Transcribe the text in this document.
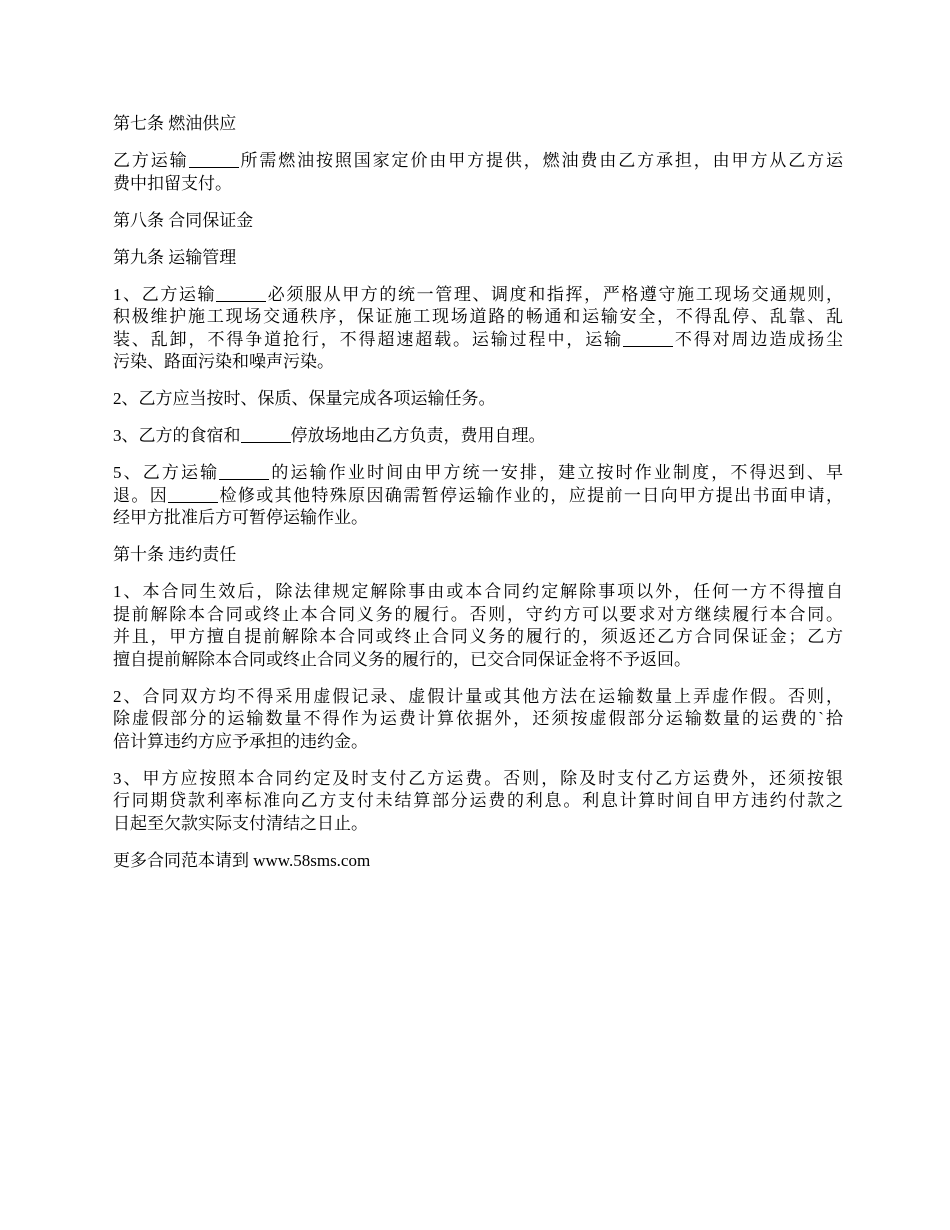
第七条 燃油供应

乙方运输	所需燃油按照国家定价由甲方提供，燃油费由乙方承担，由甲方从乙方运
费中扣留支付。

第八条 合同保证金

第九条 运输管理

1、乙方运输	必须服从甲方的统一管理、调度和指挥，严格遵守施工现场交通规则，
积极维护施工现场交通秩序，保证施工现场道路的畅通和运输安全，不得乱停、乱靠、乱
装、乱卸，不得争道抢行，不得超速超载。运输过程中，运输	不得对周边造成扬尘
污染、路面污染和噪声污染。

2、乙方应当按时、保质、保量完成各项运输任务。

3、乙方的食宿和	停放场地由乙方负责，费用自理。

5、乙方运输	的运输作业时间由甲方统一安排，建立按时作业制度，不得迟到、早
退。因	检修或其他特殊原因确需暂停运输作业的，应提前一日向甲方提出书面申请，
经甲方批准后方可暂停运输作业。

第十条 违约责任

1、本合同生效后，除法律规定解除事由或本合同约定解除事项以外，任何一方不得擅自
提前解除本合同或终止本合同义务的履行。否则，守约方可以要求对方继续履行本合同。
并且，甲方擅自提前解除本合同或终止合同义务的履行的，须返还乙方合同保证金；乙方
擅自提前解除本合同或终止合同义务的履行的，已交合同保证金将不予返回。

2、合同双方均不得采用虚假记录、虚假计量或其他方法在运输数量上弄虚作假。否则，
除虚假部分的运输数量不得作为运费计算依据外，还须按虚假部分运输数量的运费的`拾
倍计算违约方应予承担的违约金。

3、甲方应按照本合同约定及时支付乙方运费。否则，除及时支付乙方运费外，还须按银
行同期贷款利率标准向乙方支付未结算部分运费的利息。利息计算时间自甲方违约付款之
日起至欠款实际支付清结之日止。

更多合同范本请到 www.58sms.com
